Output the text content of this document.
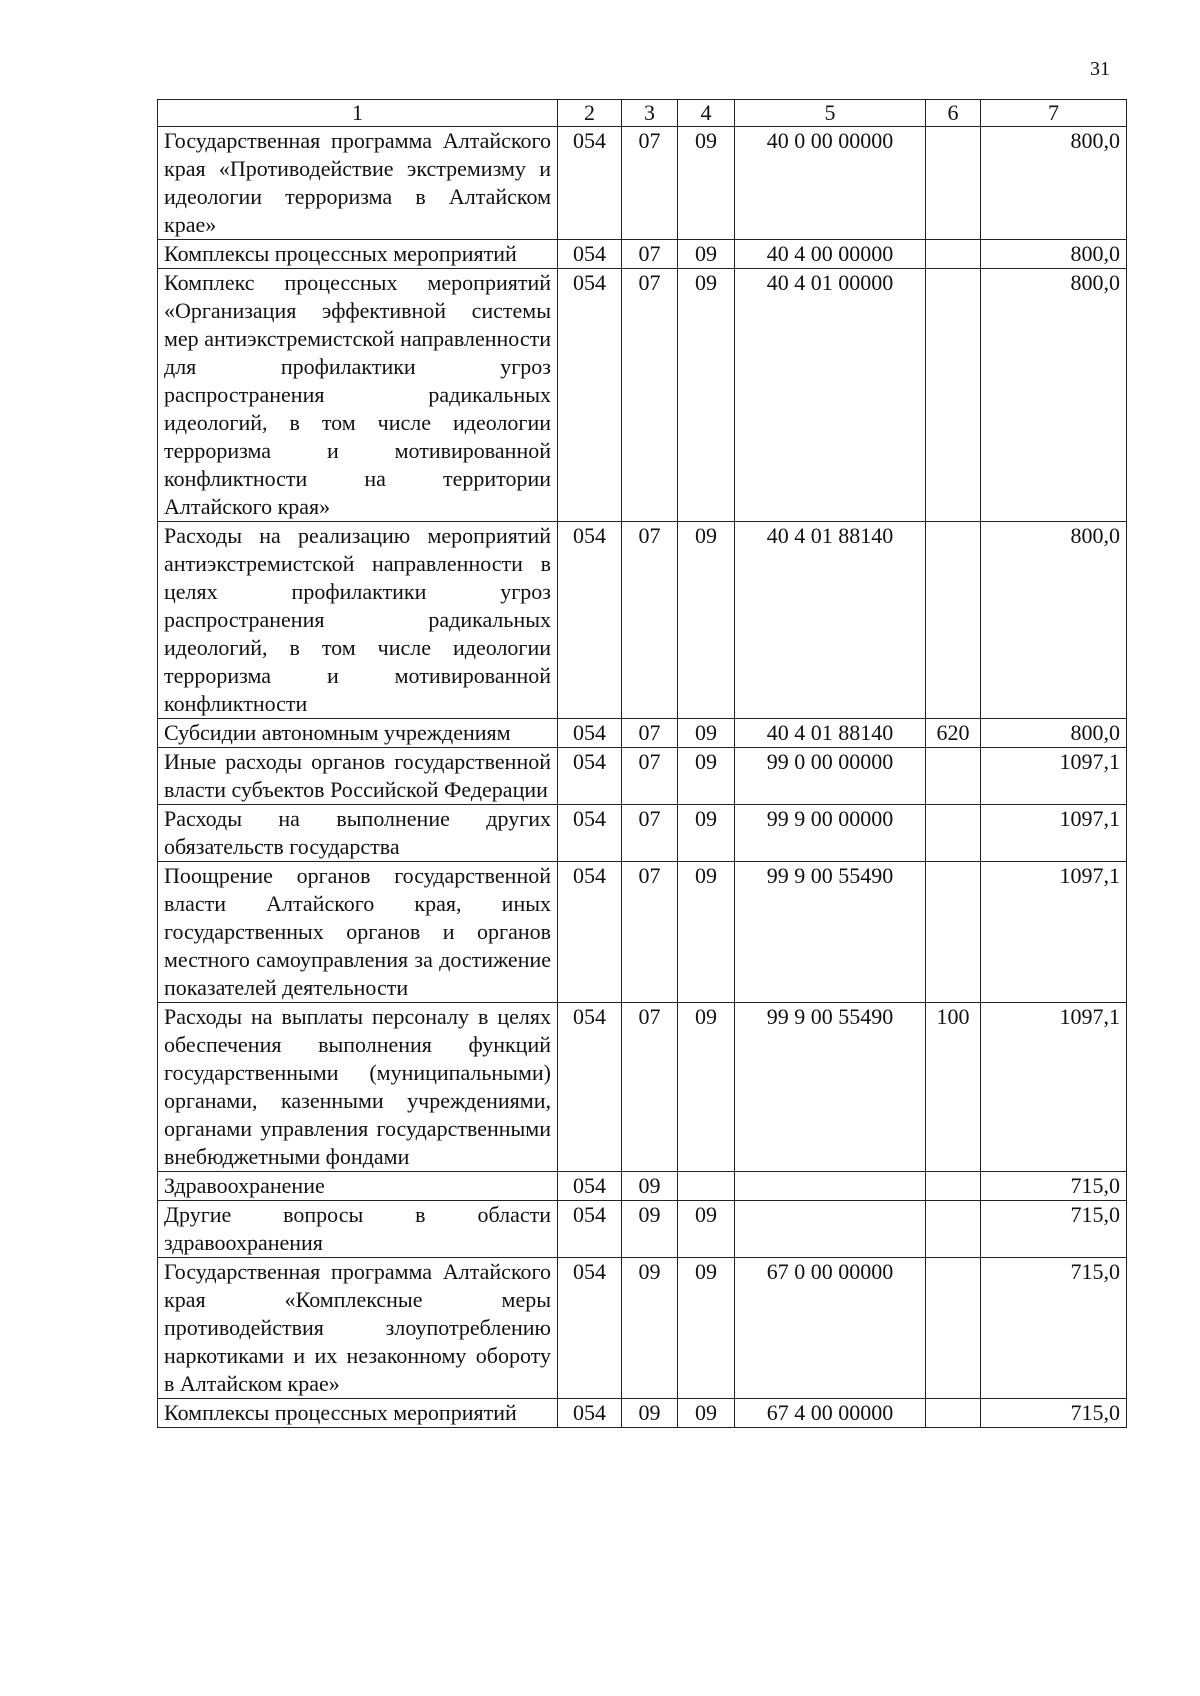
31
1	2	3	4	5	6	7
Государственная программа Алтайского края «Противодействие экстремизму и идеологии терроризма в Алтайском крае»	054	07	09	40 0 00 00000		800,0
Комплексы процессных мероприятий	054	07	09	40 4 00 00000		800,0
Комплекс процессных мероприятий «Организация эффективной системы мер антиэкстремистской направленности для профилактики угроз распространения радикальных идеологий, в том числе идеологии терроризма и мотивированной конфликтности на территории Алтайского края»	054	07	09	40 4 01 00000		800,0
Расходы на реализацию мероприятий антиэкстремистской направленности в целях профилактики угроз распространения радикальных идеологий, в том числе идеологии терроризма и мотивированной конфликтности	054	07	09	40 4 01 88140		800,0
Субсидии автономным учреждениям	054	07	09	40 4 01 88140	620	800,0
Иные расходы органов государственной власти субъектов Российской Федерации	054	07	09	99 0 00 00000		1097,1
Расходы на выполнение других обязательств государства	054	07	09	99 9 00 00000		1097,1
Поощрение органов государственной власти Алтайского края, иных государственных органов и органов местного самоуправления за достижение показателей деятельности	054	07	09	99 9 00 55490		1097,1
Расходы на выплаты персоналу в целях обеспечения выполнения функций государственными (муниципальными) органами, казенными учреждениями, органами управления государственными внебюджетными фондами	054	07	09	99 9 00 55490	100	1097,1
Здравоохранение	054	09				715,0
Другие вопросы в области здравоохранения	054	09	09			715,0
Государственная программа Алтайского края «Комплексные меры противодействия злоупотреблению наркотиками и их незаконному обороту в Алтайском крае»	054	09	09	67 0 00 00000		715,0
Комплексы процессных мероприятий	054	09	09	67 4 00 00000		715,0
